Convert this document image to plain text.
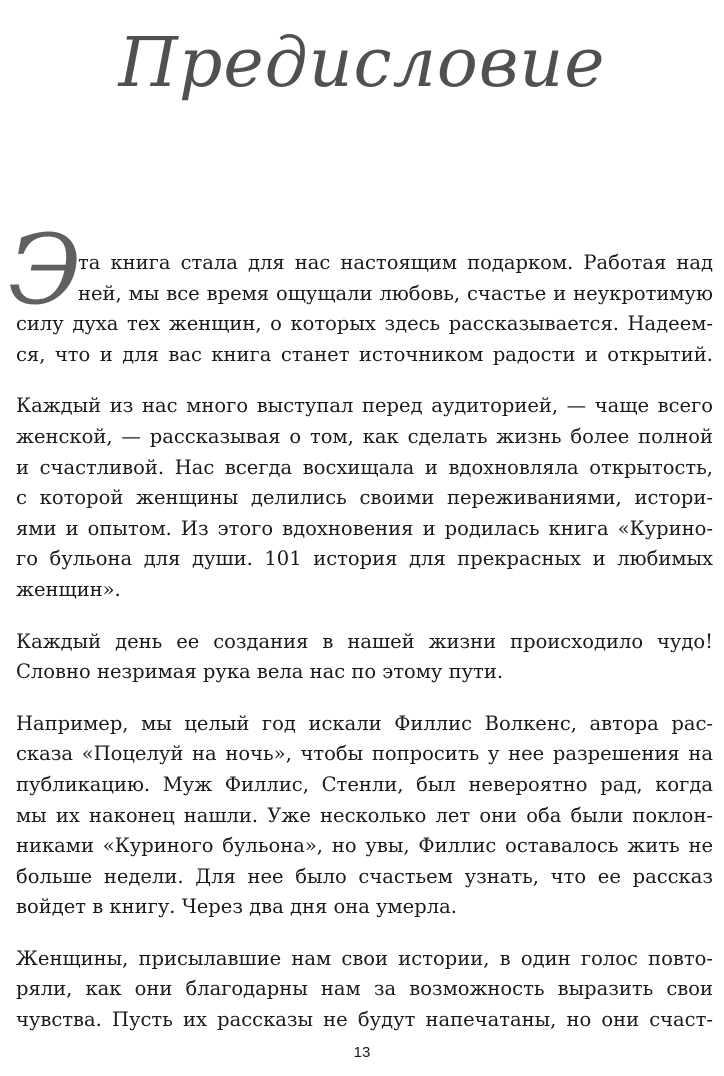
Предисловие

Э
та книга стала для нас настоящим подарком. Работая над
ней, мы все время ощущали любовь, счастье и неукротимую
силу духа тех женщин, о которых здесь рассказывается. Надеем-
ся, что и для вас книга станет источником радости и открытий.

Каждый из нас много выступал перед аудиторией, — чаще всего
женской, — рассказывая о том, как сделать жизнь более полной
и счастливой. Нас всегда восхищала и вдохновляла открытость,
с которой женщины делились своими переживаниями, истори-
ями и опытом. Из этого вдохновения и родилась книга «Курино-
го бульона для души. 101 история для прекрасных и любимых
женщин».

Каждый день ее создания в нашей жизни происходило чудо!
Словно незримая рука вела нас по этому пути.

Например, мы целый год искали Филлис Волкенс, автора рас-
сказа «Поцелуй на ночь», чтобы попросить у нее разрешения на
публикацию. Муж Филлис, Стенли, был невероятно рад, когда
мы их наконец нашли. Уже несколько лет они оба были поклон-
никами «Куриного бульона», но увы, Филлис оставалось жить не
больше недели. Для нее было счастьем узнать, что ее рассказ
войдет в книгу. Через два дня она умерла.

Женщины, присылавшие нам свои истории, в один голос повто-
ряли, как они благодарны нам за возможность выразить свои
чувства. Пусть их рассказы не будут напечатаны, но они счаст-

13
